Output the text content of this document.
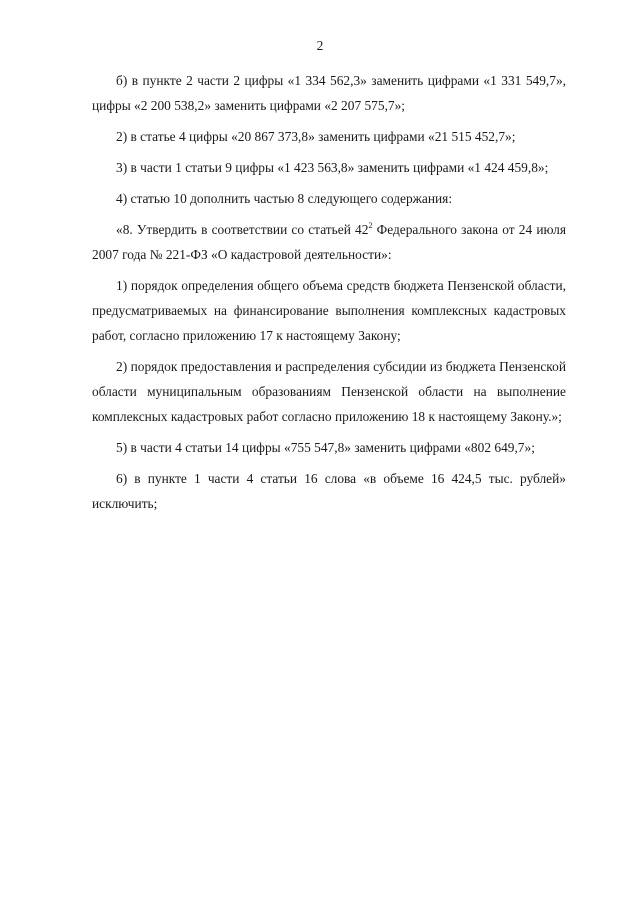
2

б) в пункте 2 части 2 цифры «1 334 562,3» заменить цифрами «1 331 549,7», цифры «2 200 538,2» заменить цифрами «2 207 575,7»;

2) в статье 4 цифры «20 867 373,8» заменить цифрами «21 515 452,7»;

3) в части 1 статьи 9 цифры «1 423 563,8» заменить цифрами «1 424 459,8»;

4) статью 10 дополнить частью 8 следующего содержания:

«8. Утвердить в соответствии со статьей $42^2$ Федерального закона от 24 июля 2007 года № 221-ФЗ «О кадастровой деятельности»:

1) порядок определения общего объема средств бюджета Пензенской области, предусматриваемых на финансирование выполнения комплексных кадастровых работ, согласно приложению 17 к настоящему Закону;

2) порядок предоставления и распределения субсидии из бюджета Пензенской области муниципальным образованиям Пензенской области на выполнение комплексных кадастровых работ согласно приложению 18 к настоящему Закону.»;

5) в части 4 статьи 14 цифры «755 547,8» заменить цифрами «802 649,7»;

6) в пункте 1 части 4 статьи 16 слова «в объеме 16 424,5 тыс. рублей» исключить;
